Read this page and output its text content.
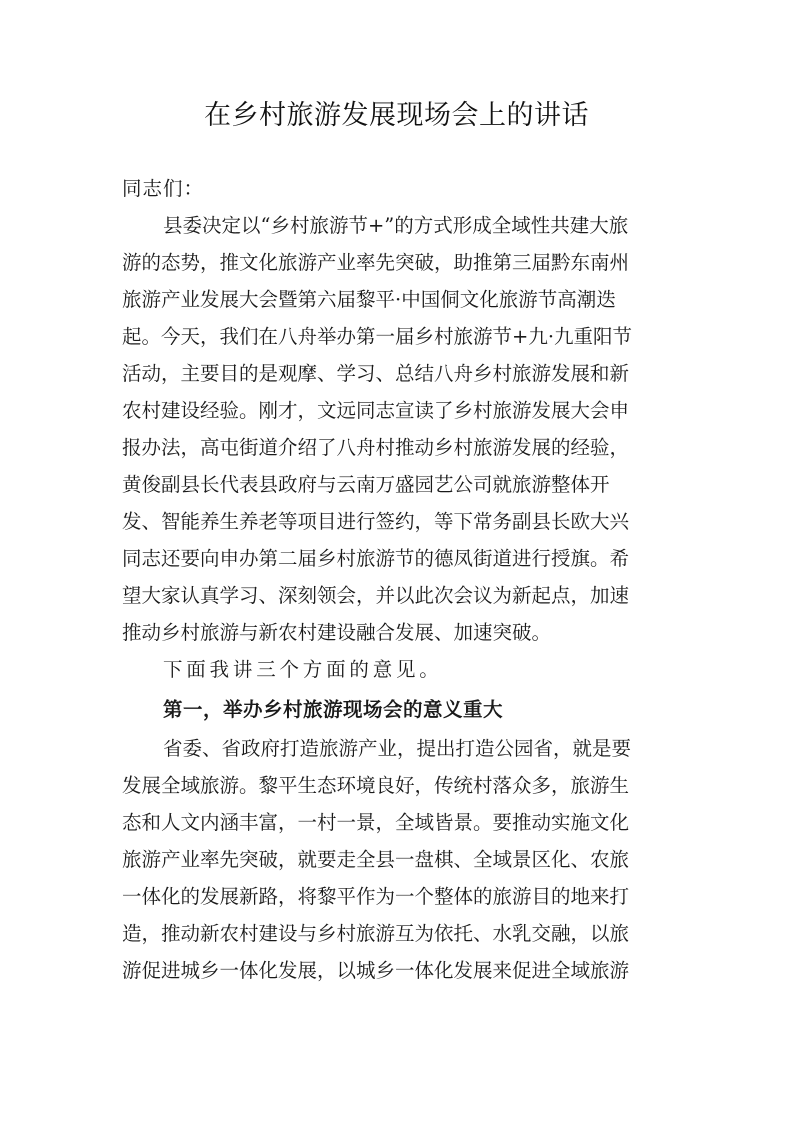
在乡村旅游发展现场会上的讲话
同志们：
县委决定以“乡村旅游节+”的方式形成全域性共建大旅
游的态势，推文化旅游产业率先突破，助推第三届黔东南州
旅游产业发展大会暨第六届黎平·中国侗文化旅游节高潮迭
起。今天，我们在八舟举办第一届乡村旅游节+九·九重阳节
活动，主要目的是观摩、学习、总结八舟乡村旅游发展和新
农村建设经验。刚才，文远同志宣读了乡村旅游发展大会申
报办法，高屯街道介绍了八舟村推动乡村旅游发展的经验，
黄俊副县长代表县政府与云南万盛园艺公司就旅游整体开
发、智能养生养老等项目进行签约，等下常务副县长欧大兴
同志还要向申办第二届乡村旅游节的德凤街道进行授旗。希
望大家认真学习、深刻领会，并以此次会议为新起点，加速
推动乡村旅游与新农村建设融合发展、加速突破。
下面我讲三个方面的意见。
第一，举办乡村旅游现场会的意义重大
省委、省政府打造旅游产业，提出打造公园省，就是要
发展全域旅游。黎平生态环境良好，传统村落众多，旅游生
态和人文内涵丰富，一村一景，全域皆景。要推动实施文化
旅游产业率先突破，就要走全县一盘棋、全域景区化、农旅
一体化的发展新路，将黎平作为一个整体的旅游目的地来打
造，推动新农村建设与乡村旅游互为依托、水乳交融，以旅
游促进城乡一体化发展，以城乡一体化发展来促进全域旅游
